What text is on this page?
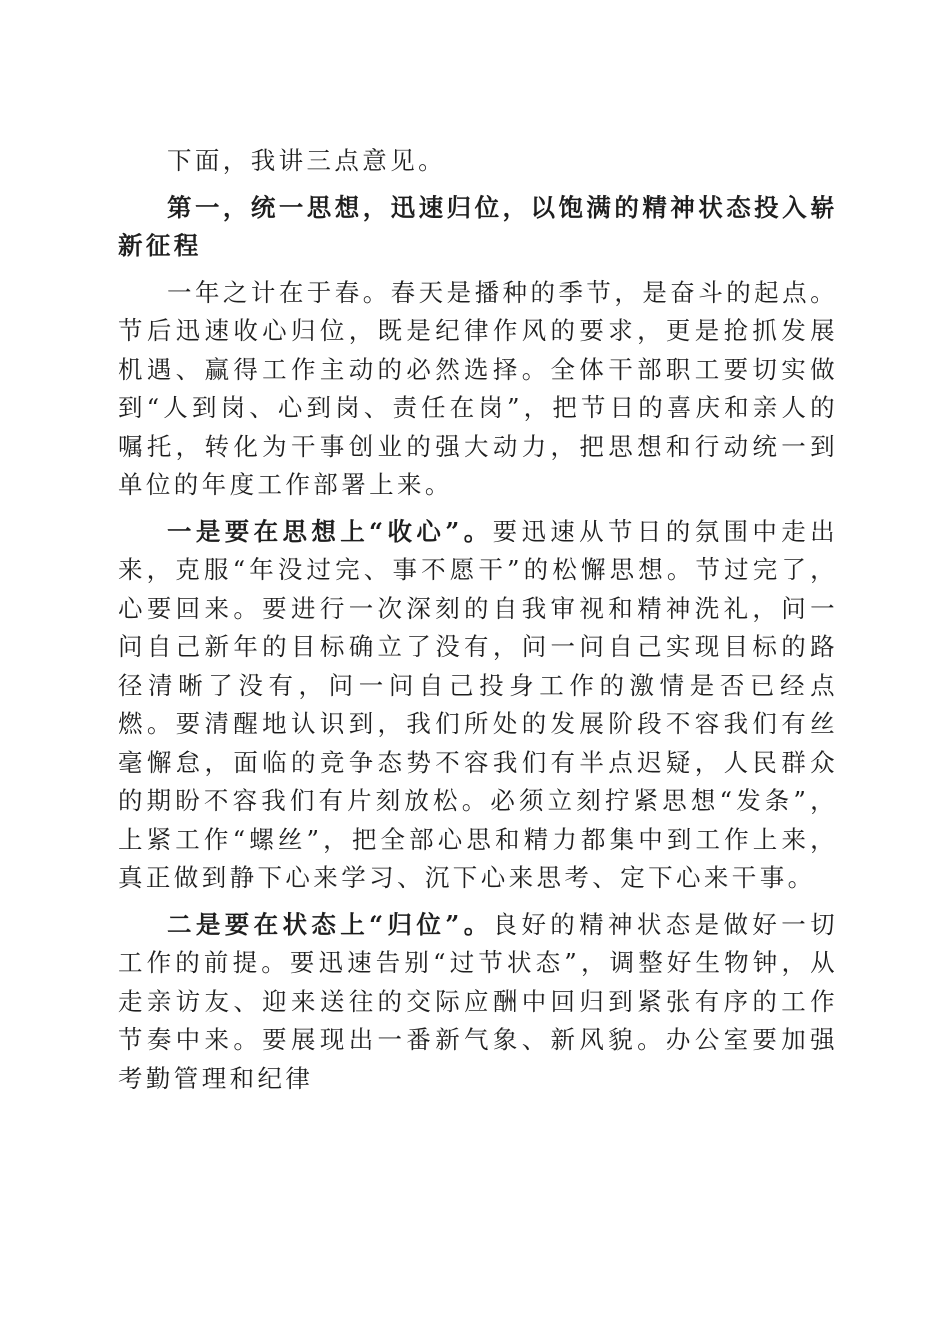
下面，我讲三点意见。

第一，统一思想，迅速归位，以饱满的精神状态投入崭新征程

一年之计在于春。春天是播种的季节，是奋斗的起点。节后迅速收心归位，既是纪律作风的要求，更是抢抓发展机遇、赢得工作主动的必然选择。全体干部职工要切实做到“人到岗、心到岗、责任在岗”，把节日的喜庆和亲人的嘱托，转化为干事创业的强大动力，把思想和行动统一到单位的年度工作部署上来。

一是要在思想上“收心”。要迅速从节日的氛围中走出来，克服“年没过完、事不愿干”的松懈思想。节过完了，心要回来。要进行一次深刻的自我审视和精神洗礼，问一问自己新年的目标确立了没有，问一问自己实现目标的路径清晰了没有，问一问自己投身工作的激情是否已经点燃。要清醒地认识到，我们所处的发展阶段不容我们有丝毫懈怠，面临的竞争态势不容我们有半点迟疑，人民群众的期盼不容我们有片刻放松。必须立刻拧紧思想“发条”，上紧工作“螺丝”，把全部心思和精力都集中到工作上来，真正做到静下心来学习、沉下心来思考、定下心来干事。

二是要在状态上“归位”。良好的精神状态是做好一切工作的前提。要迅速告别“过节状态”，调整好生物钟，从走亲访友、迎来送往的交际应酬中回归到紧张有序的工作节奏中来。要展现出一番新气象、新风貌。办公室要加强考勤管理和纪律
